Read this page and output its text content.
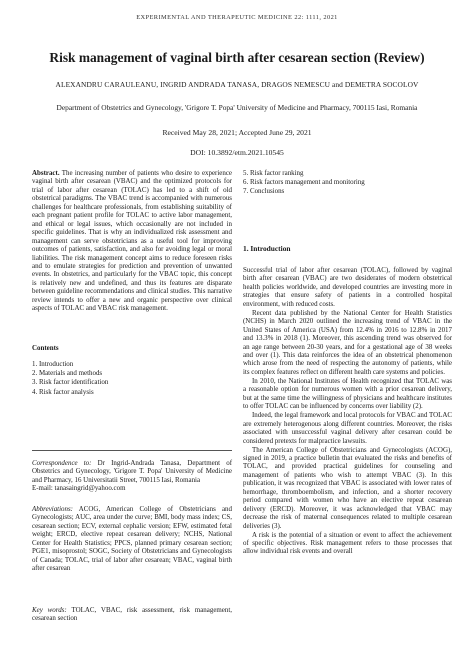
EXPERIMENTAL AND THERAPEUTIC MEDICINE 22: 1111, 2021
Risk management of vaginal birth after cesarean section (Review)
ALEXANDRU CARAULEANU, INGRID ANDRADA TANASA, DRAGOS NEMESCU and DEMETRA SOCOLOV
Department of Obstetrics and Gynecology, 'Grigore T. Popa' University of Medicine and Pharmacy, 700115 Iasi, Romania
Received May 28, 2021; Accepted June 29, 2021
DOI: 10.3892/etm.2021.10545

Abstract. The increasing number of patients who desire to experience vaginal birth after cesarean (VBAC) and the optimized protocols for trial of labor after cesarean (TOLAC) has led to a shift of old obstetrical paradigms. The VBAC trend is accompanied with numerous challenges for healthcare professionals, from establishing suitability of each pregnant patient profile for TOLAC to active labor management, and ethical or legal issues, which occasionally are not included in specific guidelines. That is why an individualized risk assessment and management can serve obstetricians as a useful tool for improving outcomes of patients, satisfaction, and also for avoiding legal or moral liabilities. The risk management concept aims to reduce foreseen risks and to emulate strategies for prediction and prevention of unwanted events. In obstetrics, and particularly for the VBAC topic, this concept is relatively new and undefined, and thus its features are disparate between guideline recommendations and clinical studies. This narrative review intends to offer a new and organic perspective over clinical aspects of TOLAC and VBAC risk management.

Contents
1. Introduction
2. Materials and methods
3. Risk factor identification
4. Risk factor analysis

Correspondence to: Dr Ingrid-Andrada Tanasa, Department of Obstetrics and Gynecology, 'Grigore T. Popa' University of Medicine and Pharmacy, 16 Universitatii Street, 700115 Iasi, Romania

E-mail: tanasaingrid@yahoo.com

Abbreviations: ACOG, American College of Obstetricians and Gynecologists; AUC, area under the curve; BMI, body mass index; CS, cesarean section; ECV, external cephalic version; EFW, estimated fetal weight; ERCD, elective repeat cesarean delivery; NCHS, National Center for Health Statistics; PPCS, planned primary cesarean section; PGE1, misoprostol; SOGC, Society of Obstetricians and Gynecologists of Canada; TOLAC, trial of labor after cesarean; VBAC, vaginal birth after cesarean

Key words: TOLAC, VBAC, risk assessment, risk management, cesarean section

5. Risk factor ranking
6. Risk factors management and monitoring
7. Conclusions
1. Introduction

Successful trial of labor after cesarean (TOLAC), followed by vaginal birth after cesarean (VBAC) are two desiderates of modern obstetrical health policies worldwide, and developed countries are investing more in strategies that ensure safety of patients in a controlled hospital environment, with reduced costs.

Recent data published by the National Center for Health Statistics (NCHS) in March 2020 outlined the increasing trend of VBAC in the United States of America (USA) from 12.4% in 2016 to 12.8% in 2017 and 13.3% in 2018 (1). Moreover, this ascending trend was observed for an age range between 20-30 years, and for a gestational age of 38 weeks and over (1). This data reinforces the idea of an obstetrical phenomenon which arose from the need of respecting the autonomy of patients, while its complex features reflect on different health care systems and policies.

In 2010, the National Institutes of Health recognized that TOLAC was a reasonable option for numerous women with a prior cesarean delivery, but at the same time the willingness of physicians and healthcare institutes to offer TOLAC can be influenced by concerns over liability (2).

Indeed, the legal framework and local protocols for VBAC and TOLAC are extremely heterogenous along different countries. Moreover, the risks associated with unsuccessful vaginal delivery after cesarean could be considered pretexts for malpractice lawsuits.

The American College of Obstetricians and Gynecologists (ACOG), signed in 2019, a practice bulletin that evaluated the risks and benefits of TOLAC, and provided practical guidelines for counseling and management of patients who wish to attempt VBAC (3). In this publication, it was recognized that VBAC is associated with lower rates of hemorrhage, thromboembolism, and infection, and a shorter recovery period compared with women who have an elective repeat cesarean delivery (ERCD). Moreover, it was acknowledged that VBAC may decrease the risk of maternal consequences related to multiple cesarean deliveries (3).

A risk is the potential of a situation or event to affect the achievement of specific objectives. Risk management refers to those processes that allow individual risk events and overall
